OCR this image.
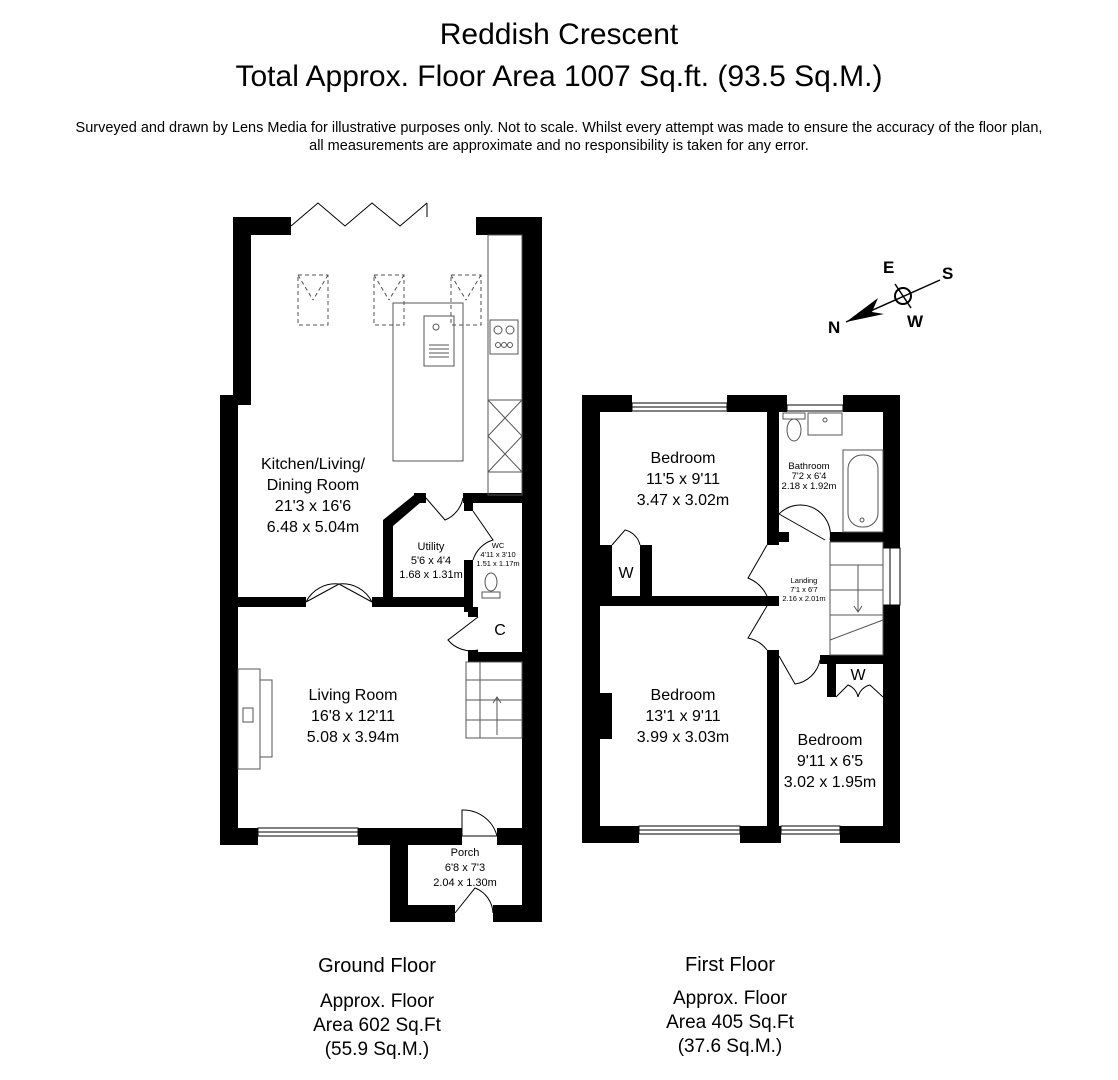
Reddish Crescent
Total Approx. Floor Area 1007 Sq.ft. (93.5 Sq.M.)
Surveyed and drawn by Lens Media for illustrative purposes only. Not to scale. Whilst every attempt was made to ensure the accuracy of the floor plan,
all measurements are approximate and no responsibility is taken for any error.
E	S
W
N
Kitchen/Living/
Dining Room
21'3 x 16'6
6.48 x 5.04m
Utility
5'6 x 4'4
1.68 x 1.31m
WC
4'11 x 3'10
1.51 x 1.17m
C
Living Room
16'8 x 12'11
5.08 x 3.94m
Porch
6'8 x 7'3
2.04 x 1.30m
Bedroom
11'5 x 9'11
3.47 x 3.02m
W
Bathroom
7'2 x 6'4
2.18 x 1.92m
Landing
7'1 x 6'7
2.16 x 2.01m
Bedroom
13'1 x 9'11
3.99 x 3.03m
W
Bedroom
9'11 x 6'5
3.02 x 1.95m
Ground Floor
Approx. Floor
Area 602 Sq.Ft
(55.9 Sq.M.)
First Floor
Approx. Floor
Area 405 Sq.Ft
(37.6 Sq.M.)
